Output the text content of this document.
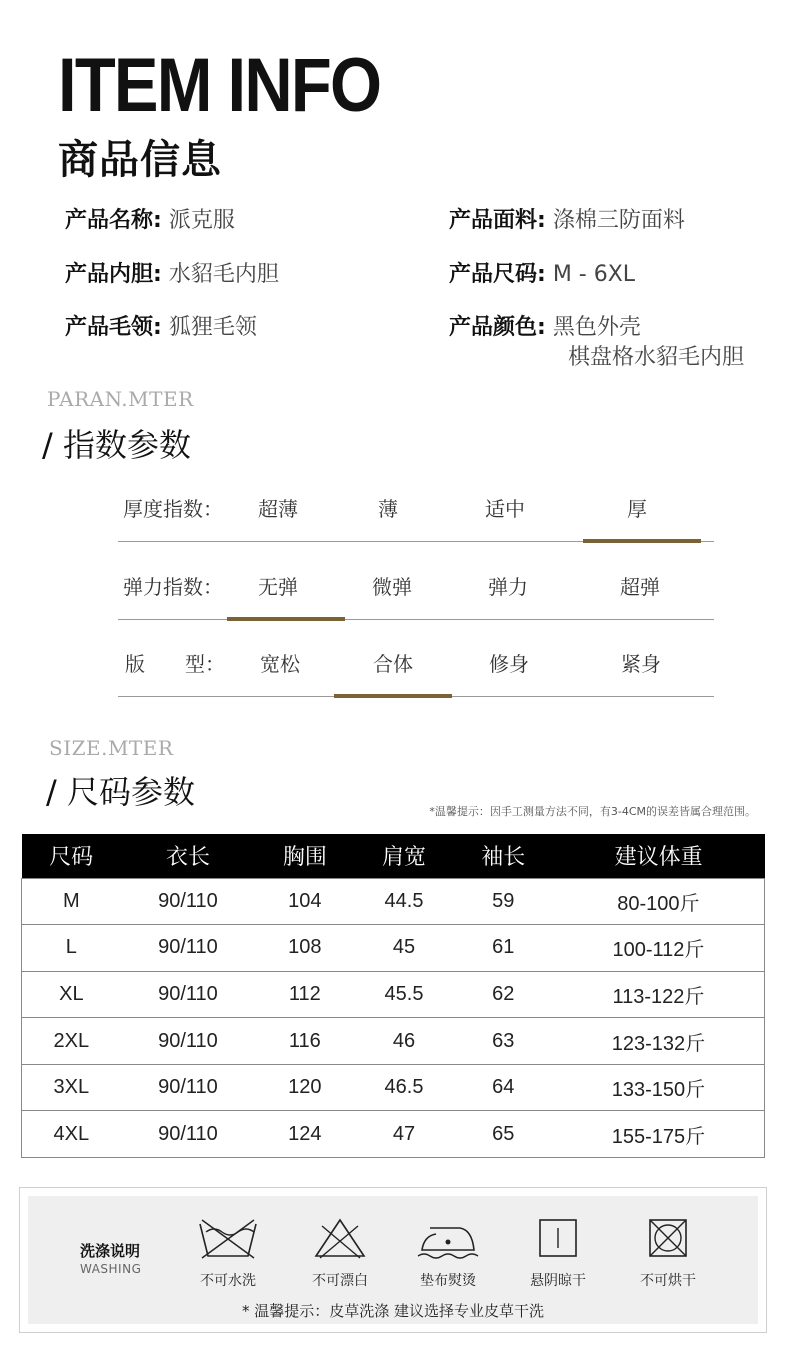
ITEM INFO
商品信息
产品名称: 派克服	产品面料: 涤棉三防面料
产品内胆: 水貂毛内胆	产品尺码: M - 6XL
产品毛领: 狐狸毛领	产品颜色: 黑色外壳
棋盘格水貂毛内胆
PARAN.MTER
/ 指数参数
厚度指数： 超薄	薄	适中	厚
弹力指数： 无弹	微弹	弹力	超弹
版　　型： 宽松	合体	修身	紧身
SIZE.MTER
/ 尺码参数
*温馨提示：因手工测量方法不同，有3-4CM的误差皆属合理范围。
尺码	衣长	胸围	肩宽	袖长	建议体重
M	90/110	104	44.5	59	80-100斤
L	90/110	108	45	61	100-112斤
XL	90/110	112	45.5	62	113-122斤
2XL	90/110	116	46	63	123-132斤
3XL	90/110	120	46.5	64	133-150斤
4XL	90/110	124	47	65	155-175斤
洗涤说明
WASHING
不可水洗	不可漂白	垫布熨烫	悬阴晾干	不可烘干
* 温馨提示：皮草洗涤 建议选择专业皮草干洗
